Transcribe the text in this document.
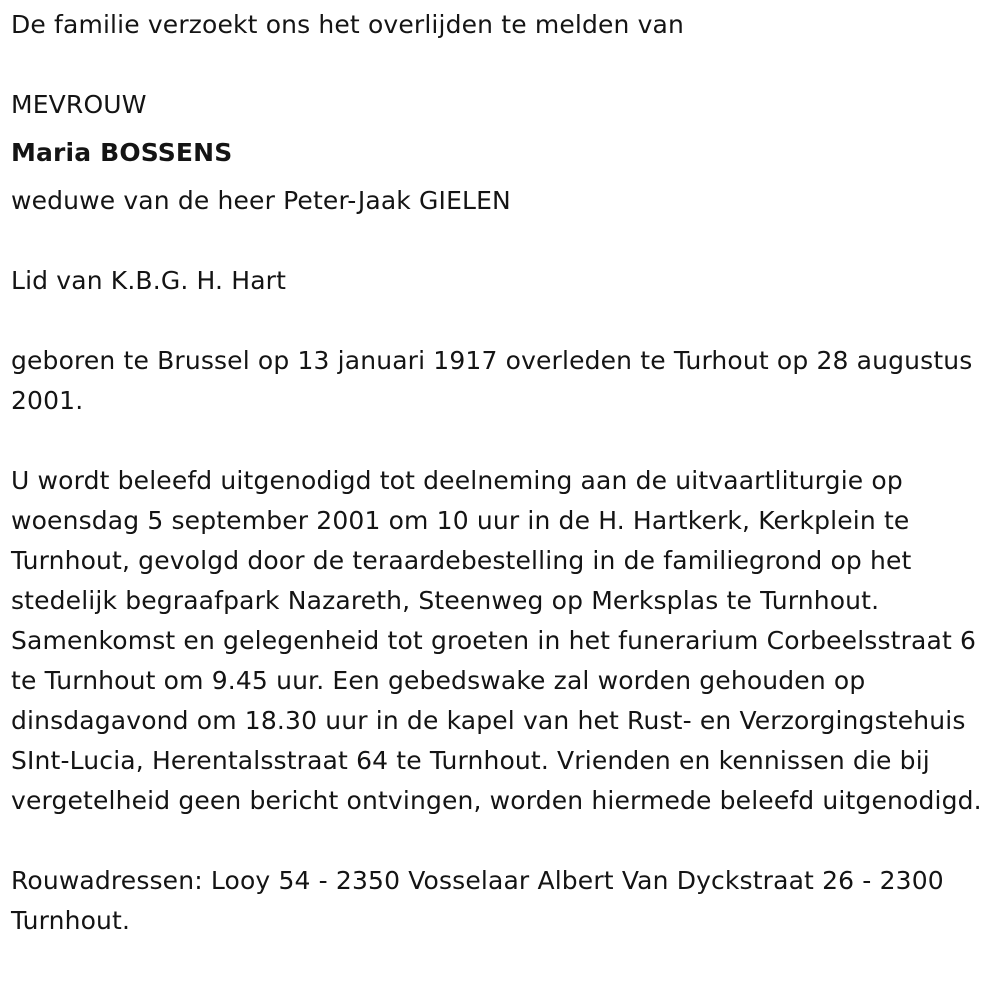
De familie verzoekt ons het overlijden te melden van

MEVROUW

Maria BOSSENS

weduwe van de heer Peter-Jaak GIELEN

Lid van K.B.G. H. Hart

geboren te Brussel op 13 januari 1917 overleden te Turhout op 28 augustus 2001.

U wordt beleefd uitgenodigd tot deelneming aan de uitvaartliturgie op woensdag 5 september 2001 om 10 uur in de H. Hartkerk, Kerkplein te Turnhout, gevolgd door de teraardebestelling in de familiegrond op het stedelijk begraafpark Nazareth, Steenweg op Merksplas te Turnhout. Samenkomst en gelegenheid tot groeten in het funerarium Corbeelsstraat 6 te Turnhout om 9.45 uur. Een gebedswake zal worden gehouden op dinsdagavond om 18.30 uur in de kapel van het Rust- en Verzorgingstehuis SInt-Lucia, Herentalsstraat 64 te Turnhout. Vrienden en kennissen die bij vergetelheid geen bericht ontvingen, worden hiermede beleefd uitgenodigd.

Rouwadressen: Looy 54 - 2350 Vosselaar Albert Van Dyckstraat 26 - 2300 Turnhout.
